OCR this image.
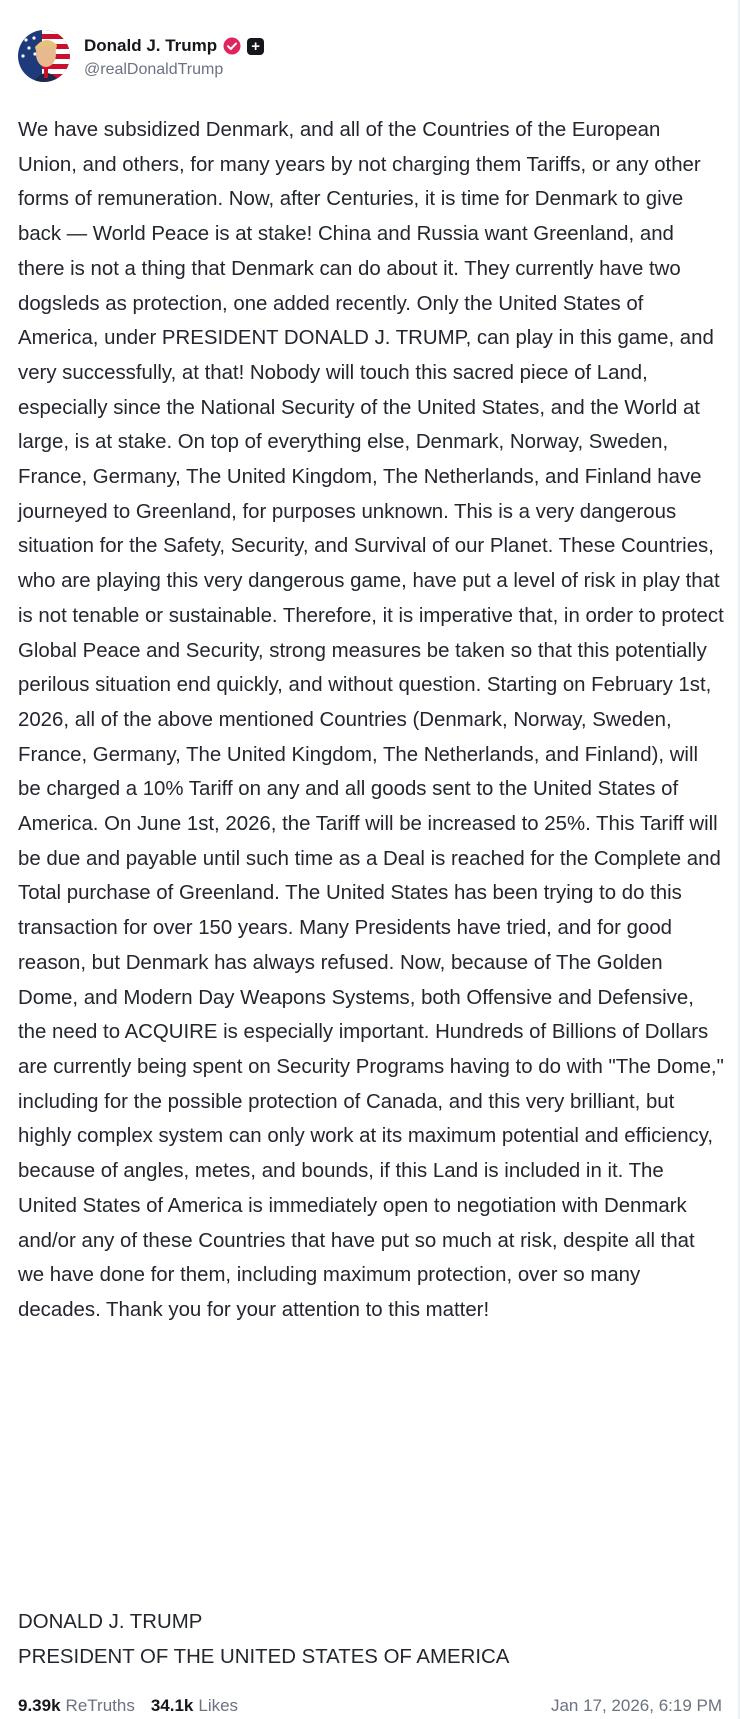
Donald J. Trump +
@realDonaldTrump

We have subsidized Denmark, and all of the Countries of the European Union, and others, for many years by not charging them Tariffs, or any other forms of remuneration. Now, after Centuries, it is time for Denmark to give back — World Peace is at stake! China and Russia want Greenland, and there is not a thing that Denmark can do about it. They currently have two dogsleds as protection, one added recently. Only the United States of America, under PRESIDENT DONALD J. TRUMP, can play in this game, and very successfully, at that! Nobody will touch this sacred piece of Land, especially since the National Security of the United States, and the World at large, is at stake. On top of everything else, Denmark, Norway, Sweden, France, Germany, The United Kingdom, The Netherlands, and Finland have journeyed to Greenland, for purposes unknown. This is a very dangerous situation for the Safety, Security, and Survival of our Planet. These Countries, who are playing this very dangerous game, have put a level of risk in play that is not tenable or sustainable. Therefore, it is imperative that, in order to protect Global Peace and Security, strong measures be taken so that this potentially perilous situation end quickly, and without question. Starting on February 1st, 2026, all of the above mentioned Countries (Denmark, Norway, Sweden, France, Germany, The United Kingdom, The Netherlands, and Finland), will be charged a 10% Tariff on any and all goods sent to the United States of America. On June 1st, 2026, the Tariff will be increased to 25%. This Tariff will be due and payable until such time as a Deal is reached for the Complete and Total purchase of Greenland. The United States has been trying to do this transaction for over 150 years. Many Presidents have tried, and for good reason, but Denmark has always refused. Now, because of The Golden Dome, and Modern Day Weapons Systems, both Offensive and Defensive, the need to ACQUIRE is especially important. Hundreds of Billions of Dollars are currently being spent on Security Programs having to do with "The Dome," including for the possible protection of Canada, and this very brilliant, but highly complex system can only work at its maximum potential and efficiency, because of angles, metes, and bounds, if this Land is included in it. The United States of America is immediately open to negotiation with Denmark and/or any of these Countries that have put so much at risk, despite all that we have done for them, including maximum protection, over so many decades. Thank you for your attention to this matter!

DONALD J. TRUMP
PRESIDENT OF THE UNITED STATES OF AMERICA
9.39k ReTruths 34.1k Likes	Jan 17, 2026, 6:19 PM
